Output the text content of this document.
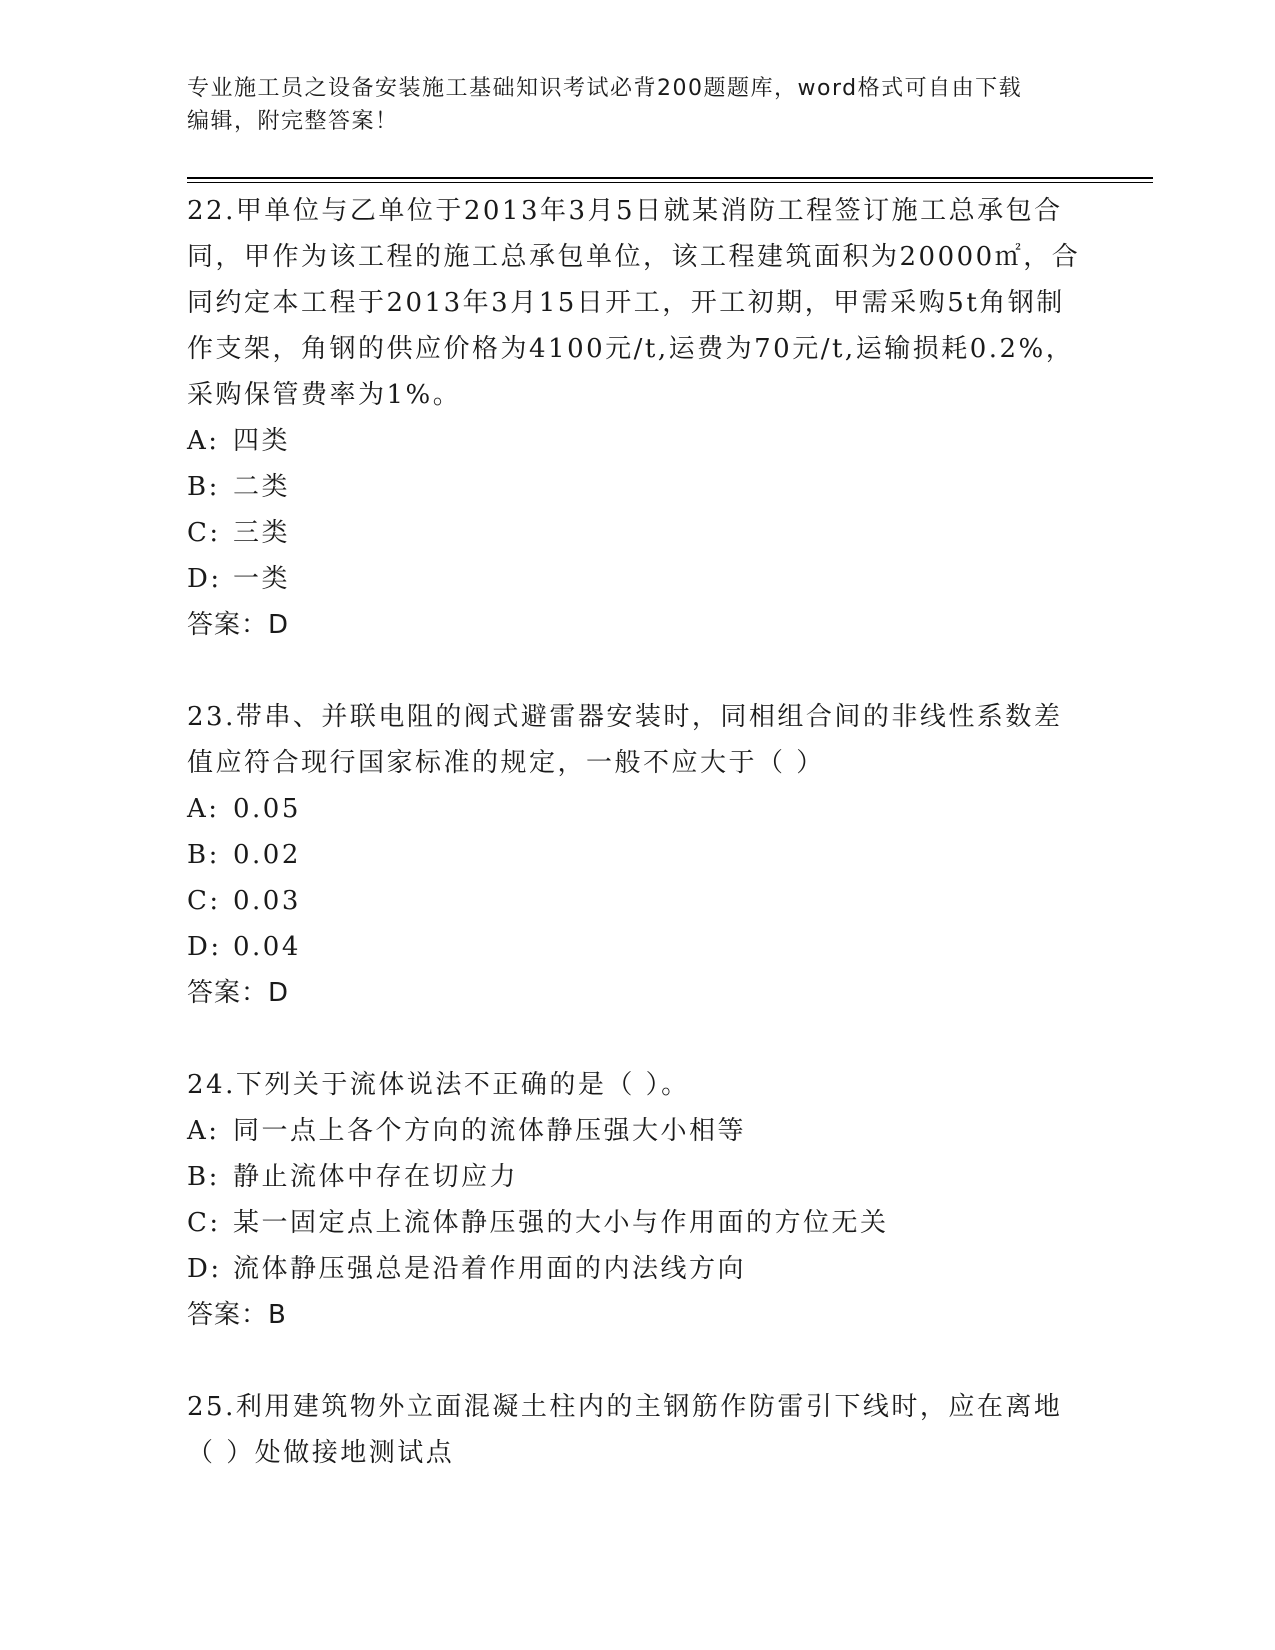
专业施工员之设备安装施工基础知识考试必背200题题库，word格式可自由下载
编辑，附完整答案！

22.甲单位与乙单位于2013年3月5日就某消防工程签订施工总承包合同，甲作为该工程的施工总承包单位，该工程建筑面积为20000㎡，合同约定本工程于2013年3月15日开工，开工初期，甲需采购5t角钢制作支架，角钢的供应价格为4100元/t,运费为70元/t,运输损耗0.2%，采购保管费率为1%。

A: 四类
B: 二类
C: 三类
D: 一类
答案：D

23.带串、并联电阻的阀式避雷器安装时，同相组合间的非线性系数差值应符合现行国家标准的规定，一般不应大于（ ）

A: 0.05
B: 0.02
C: 0.03
D: 0.04
答案：D

24.下列关于流体说法不正确的是（ ）。

A: 同一点上各个方向的流体静压强大小相等
B: 静止流体中存在切应力
C: 某一固定点上流体静压强的大小与作用面的方位无关
D: 流体静压强总是沿着作用面的内法线方向
答案：B

25.利用建筑物外立面混凝土柱内的主钢筋作防雷引下线时，应在离地（ ）处做接地测试点
